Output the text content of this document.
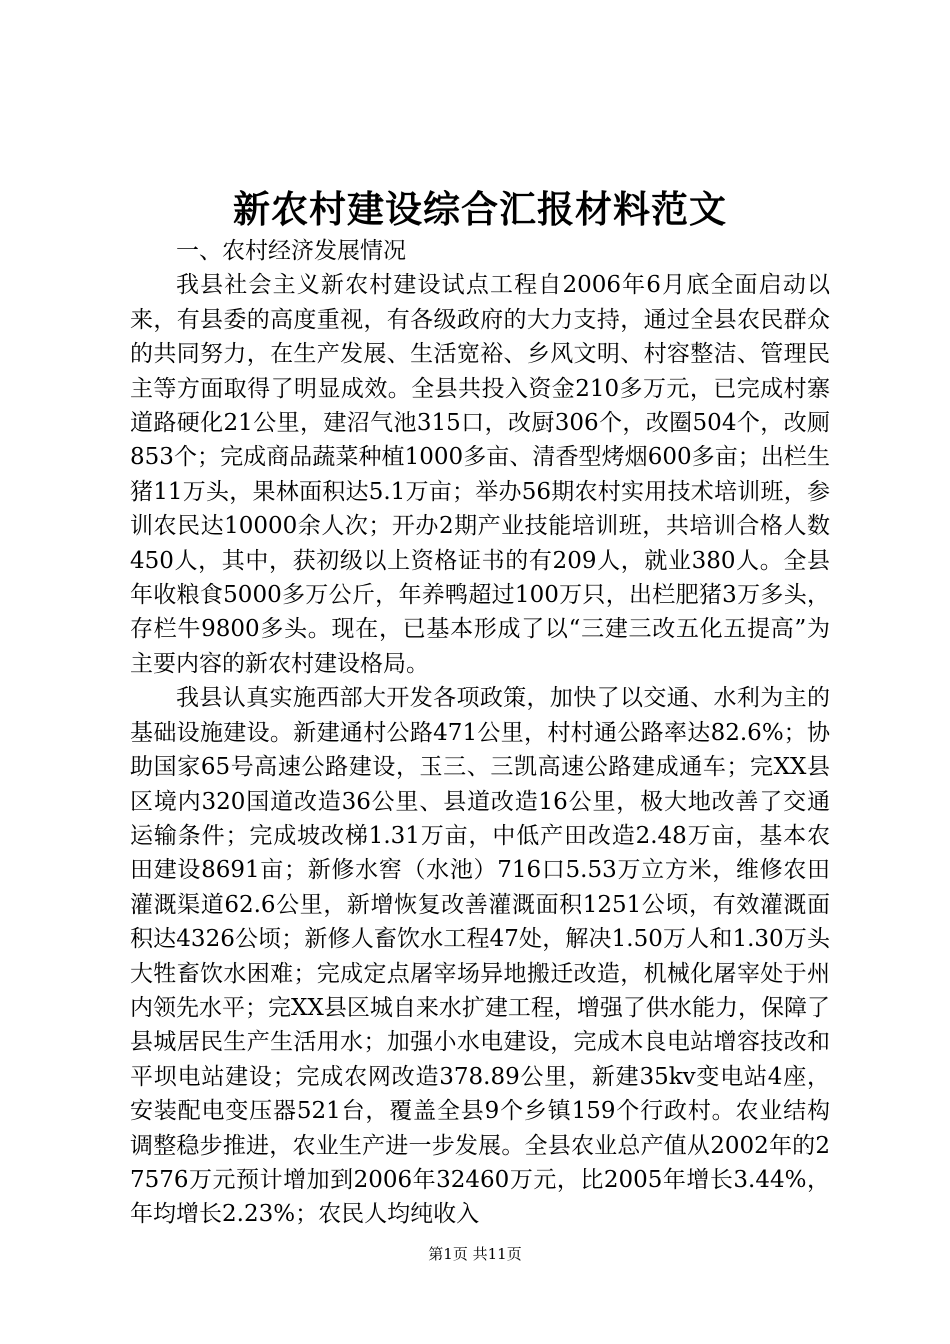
新农村建设综合汇报材料范文

一、农村经济发展情况

我县社会主义新农村建设试点工程自2006年6月底全面启动以来，有县委的高度重视，有各级政府的大力支持，通过全县农民群众的共同努力，在生产发展、生活宽裕、乡风文明、村容整洁、管理民主等方面取得了明显成效。全县共投入资金210多万元，已完成村寨道路硬化21公里，建沼气池315口，改厨306个，改圈504个，改厕853个；完成商品蔬菜种植1000多亩、清香型烤烟600多亩；出栏生猪11万头，果林面积达5.1万亩；举办56期农村实用技术培训班，参训农民达10000余人次；开办2期产业技能培训班，共培训合格人数450人，其中，获初级以上资格证书的有209人，就业380人。全县年收粮食5000多万公斤，年养鸭超过100万只，出栏肥猪3万多头，存栏牛9800多头。现在，已基本形成了以“三建三改五化五提高”为主要内容的新农村建设格局。

我县认真实施西部大开发各项政策，加快了以交通、水利为主的基础设施建设。新建通村公路471公里，村村通公路率达82.6%；协助国家65号高速公路建设，玉三、三凯高速公路建成通车；完XX县区境内320国道改造36公里、县道改造16公里，极大地改善了交通运输条件；完成坡改梯1.31万亩，中低产田改造2.48万亩，基本农田建设8691亩；新修水窖（水池）716口5.53万立方米，维修农田灌溉渠道62.6公里，新增恢复改善灌溉面积1251公顷，有效灌溉面积达4326公顷；新修人畜饮水工程47处，解决1.50万人和1.30万头大牲畜饮水困难；完成定点屠宰场异地搬迁改造，机械化屠宰处于州内领先水平；完XX县区城自来水扩建工程，增强了供水能力，保障了县城居民生产生活用水；加强小水电建设，完成木良电站增容技改和平坝电站建设；完成农网改造378.89公里，新建35kv变电站4座，安装配电变压器521台，覆盖全县9个乡镇159个行政村。农业结构调整稳步推进，农业生产进一步发展。全县农业总产值从2002年的27576万元预计增加到2006年32460万元，比2005年增长3.44%，年均增长2.23%；农民人均纯收入

第1页 共11页
